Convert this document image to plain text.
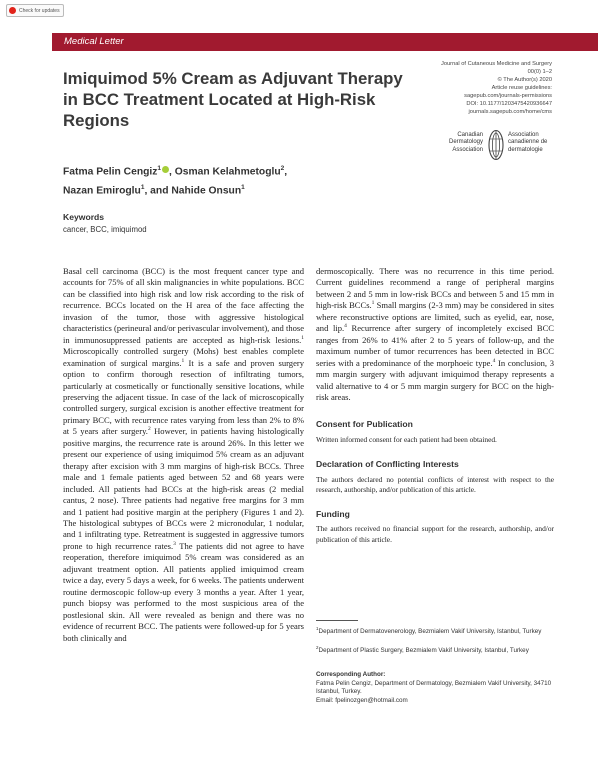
Check for updates
Medical Letter
Imiquimod 5% Cream as Adjuvant Therapy in BCC Treatment Located at High-Risk Regions
Journal of Cutaneous Medicine and Surgery
00(0) 1–2
© The Author(s) 2020
Article reuse guidelines:
sagepub.com/journals-permissions
DOI: 10.1177/1203475420936647
journals.sagepub.com/home/cms
Canadian
Dermatology
Association
Association
canadienne de
dermatologie
Fatma Pelin Cengiz$^1$ , Osman Kelahmetoglu$^2$,
Nazan Emiroglu$^1$, and Nahide Onsun$^1$
Keywords
cancer, BCC, imiquimod

Basal cell carcinoma (BCC) is the most frequent cancer type and accounts for 75% of all skin malignancies in white populations. BCC can be classified into high risk and low risk according to the risk of recurrence. BCCs located on the H area of the face affecting the invasion of the tumor, those with aggressive histological characteristics (perineural and/or perivascular involvement), and those in immunosuppressed patients are accepted as high-risk lesions.$^1$ Microscopically controlled surgery (Mohs) best enables complete examination of surgical margins.$^1$ It is a safe and proven surgery option to confirm thorough resection of infiltrating tumors, particularly at cosmetically or functionally sensitive locations, while preserving the adjacent tissue. In case of the lack of microscopically controlled surgery, surgical excision is another effective treatment for primary BCC, with recurrence rates varying from less than 2% to 8% at 5 years after surgery.$^2$ However, in patients having histologically positive margins, the recurrence rate is around 26%. In this letter we present our experience of using imiquimod 5% cream as an adjuvant therapy after excision with 3 mm margins of high-risk BCCs. Three male and 1 female patients aged between 52 and 68 years were included. All patients had BCCs at the high-risk areas (2 medial cantus, 2 nose). Three patients had negative free margins for 3 mm and 1 patient had positive margin at the periphery (Figures 1 and 2). The histological subtypes of BCCs were 2 micronodular, 1 nodular, and 1 infiltrating type. Retreatment is suggested in aggressive tumors prone to high recurrence rates.$^3$ The patients did not agree to have reoperation, therefore imiquimod 5% cream was considered as an adjuvant treatment option. All patients applied imiquimod cream twice a day, every 5 days a week, for 6 weeks. The patients underwent routine dermoscopic follow-up every 3 months a year. After 1 year, punch biopsy was performed to the most suspicious area of the postlesional skin. All were revealed as benign and there was no evidence of recurrent BCC. The patients were followed-up for 5 years both clinically and

dermoscopically. There was no recurrence in this time period. Current guidelines recommend a range of peripheral margins between 2 and 5 mm in low-risk BCCs and between 5 and 15 mm in high-risk BCCs.$^1$ Small margins (2-3 mm) may be considered in sites where reconstructive options are limited, such as eyelid, ear, nose, and lip.$^4$ Recurrence after surgery of incompletely excised BCC ranges from 26% to 41% after 2 to 5 years of follow-up, and the maximum number of tumor recurrences has been detected in BCC series with a predominance of the morphoeic type.$^4$ In conclusion, 3 mm margin surgery with adjuvant imiquimod therapy represents a valid alternative to 4 or 5 mm margin surgery for BCC on the high-risk areas.

Consent for Publication
Written informed consent for each patient had been obtained.
Declaration of Conflicting Interests
The authors declared no potential conflicts of interest with respect to the research, authorship, and/or publication of this article.
Funding
The authors received no financial support for the research, authorship, and/or publication of this article.
$^1$Department of Dermatovenerology, Bezmialem Vakif University, Istanbul, Turkey
$^2$Department of Plastic Surgery, Bezmialem Vakif University, Istanbul, Turkey
Corresponding Author:
Fatma Pelin Cengiz, Department of Dermatology, Bezmialem Vakif University, 34710 Istanbul, Turkey.
Email: fpelinozgen@hotmail.com
